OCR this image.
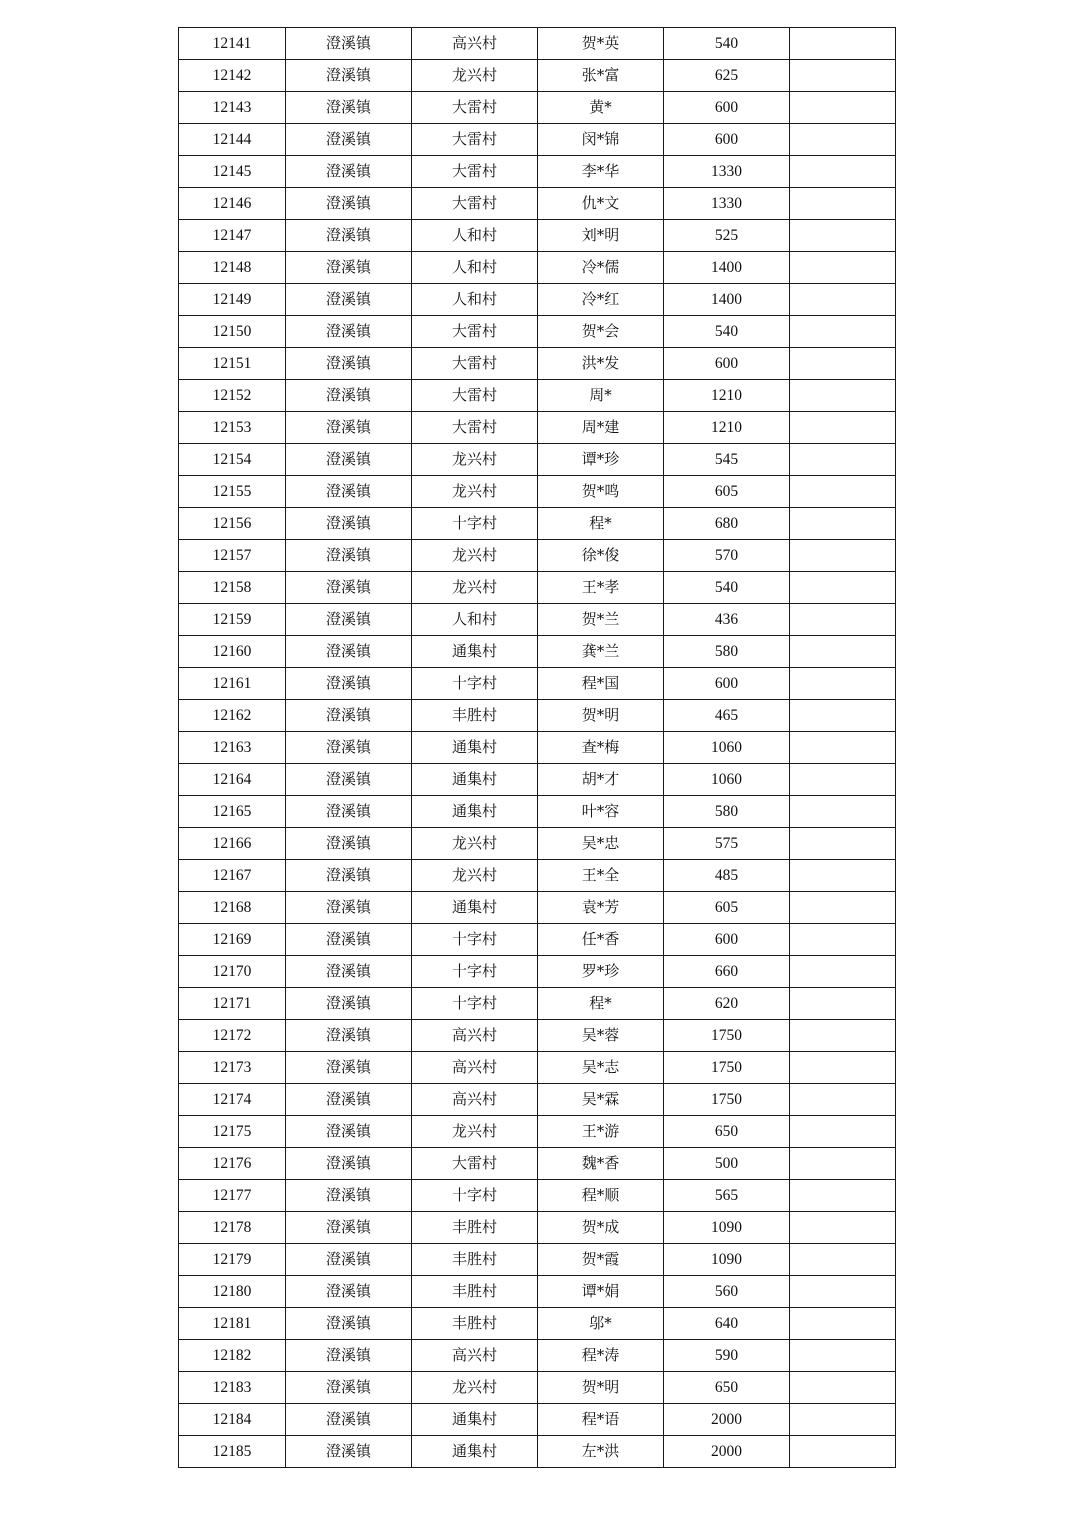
12141	澄溪镇	高兴村	贺*英	540	
12142	澄溪镇	龙兴村	张*富	625	
12143	澄溪镇	大雷村	黄*	600	
12144	澄溪镇	大雷村	闵*锦	600	
12145	澄溪镇	大雷村	李*华	1330	
12146	澄溪镇	大雷村	仇*文	1330	
12147	澄溪镇	人和村	刘*明	525	
12148	澄溪镇	人和村	冷*儒	1400	
12149	澄溪镇	人和村	冷*红	1400	
12150	澄溪镇	大雷村	贺*会	540	
12151	澄溪镇	大雷村	洪*发	600	
12152	澄溪镇	大雷村	周*	1210	
12153	澄溪镇	大雷村	周*建	1210	
12154	澄溪镇	龙兴村	谭*珍	545	
12155	澄溪镇	龙兴村	贺*鸣	605	
12156	澄溪镇	十字村	程*	680	
12157	澄溪镇	龙兴村	徐*俊	570	
12158	澄溪镇	龙兴村	王*孝	540	
12159	澄溪镇	人和村	贺*兰	436	
12160	澄溪镇	通集村	龚*兰	580	
12161	澄溪镇	十字村	程*国	600	
12162	澄溪镇	丰胜村	贺*明	465	
12163	澄溪镇	通集村	查*梅	1060	
12164	澄溪镇	通集村	胡*才	1060	
12165	澄溪镇	通集村	叶*容	580	
12166	澄溪镇	龙兴村	吴*忠	575	
12167	澄溪镇	龙兴村	王*全	485	
12168	澄溪镇	通集村	袁*芳	605	
12169	澄溪镇	十字村	任*香	600	
12170	澄溪镇	十字村	罗*珍	660	
12171	澄溪镇	十字村	程*	620	
12172	澄溪镇	高兴村	吴*蓉	1750	
12173	澄溪镇	高兴村	吴*志	1750	
12174	澄溪镇	高兴村	吴*霖	1750	
12175	澄溪镇	龙兴村	王*游	650	
12176	澄溪镇	大雷村	魏*香	500	
12177	澄溪镇	十字村	程*顺	565	
12178	澄溪镇	丰胜村	贺*成	1090	
12179	澄溪镇	丰胜村	贺*霞	1090	
12180	澄溪镇	丰胜村	谭*娟	560	
12181	澄溪镇	丰胜村	邬*	640	
12182	澄溪镇	高兴村	程*涛	590	
12183	澄溪镇	龙兴村	贺*明	650	
12184	澄溪镇	通集村	程*语	2000	
12185	澄溪镇	通集村	左*洪	2000	
